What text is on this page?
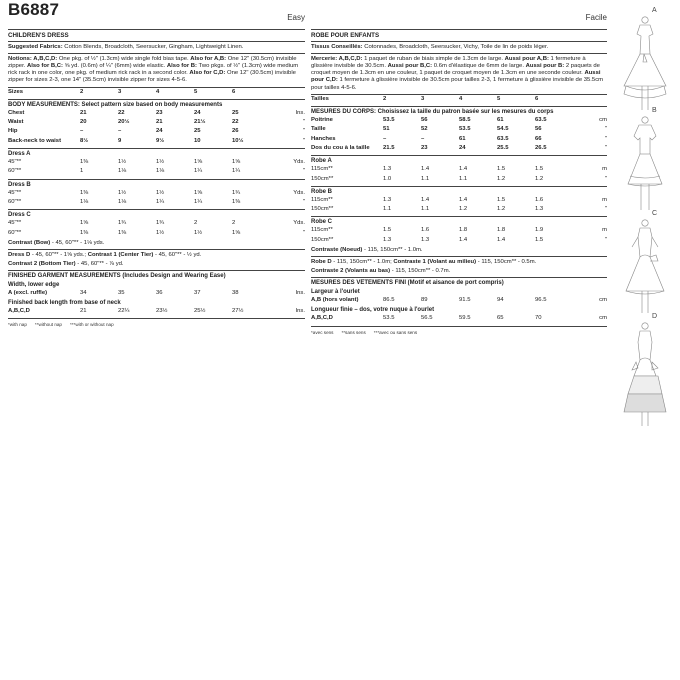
B6887	Easy
CHILDREN'S DRESS
Suggested Fabrics: Cotton Blends, Broadcloth, Seersucker, Gingham, Lightweight Linen.
Notions: A,B,C,D: One pkg. of ½" (1.3cm) wide single fold bias tape. Also for A,B: One 12" (30.5cm) invisible zipper. Also for B,C: ⅝ yd. (0.6m) of ¼" (6mm) wide elastic. Also for B: Two pkgs. of ½" (1.3cm) wide medium rick rack in one color, one pkg. of medium rick rack in a second color. Also for C,D: One 12" (30.5cm) invisible zipper for sizes 2-3, one 14" (35.5cm) invisible zipper for sizes 4-5-6.
Sizes	2	3	4	5	6
BODY MEASUREMENTS: Select pattern size based on body measurements
Chest	21	22	23	24	25	Ins.
Waist	20	20½	21	21½	22	"
Hip	–	–	24	25	26	"
Back-neck to waist	8½	9	9½	10	10½	"
Dress A
45"**	1⅜	1½	1½	1⅝	1⅝	Yds.
60"**	1	1⅛	1⅛	1¼	1¼	"
Dress B
45"**	1⅜	1½	1½	1⅝	1¾	Yds.
60"**	1⅛	1⅛	1¼	1¼	1⅜	"
Dress C
45"**	1⅝	1¾	1¾	2	2	Yds.
60"**	1⅜	1⅜	1½	1½	1⅝	"
Contrast (Bow) - 45, 60"** - 1⅛ yds.
Dress D - 45, 60"** - 1⅝ yds.; Contrast 1 (Center Tier) - 45, 60"** - ½ yd.
Contrast 2 (Bottom Tier) - 45, 60"** - ⅞ yd.
FINISHED GARMENT MEASUREMENTS (Includes Design and Wearing Ease)
Width, lower edge
A (excl. ruffle)	34	35	36	37	38	Ins.
Finished back length from base of neck
A,B,C,D	21	22¼	23½	25½	27½	Ins.
*with nap **without nap ***with or without nap
Facile
ROBE POUR ENFANTS
Tissus Conseillés: Cotonnades, Broadcloth, Seersucker, Vichy, Toile de lin de poids léger.
Mercerie: A,B,C,D: 1 paquet de ruban de biais simple de 1.3cm de large. Aussi pour A,B: 1 fermeture à glissière invisible de 30.5cm. Aussi pour B,C: 0.6m d'élastique de 6mm de large. Aussi pour B: 2 paquets de croquet moyen de 1.3cm en une couleur, 1 paquet de croquet moyen de 1.3cm en une seconde couleur. Aussi pour C,D: 1 fermeture à glissière invisible de 30.5cm pour tailles 2-3, 1 fermeture à glissière invisible de 35.5cm pour tailles 4-5-6.
Tailles	2	3	4	5	6
MESURES DU CORPS: Choisissez la taille du patron basée sur les mesures du corps
Poitrine	53.5	56	58.5	61	63.5	cm
Taille	51	52	53.5	54.5	56	"
Hanches	–	–	61	63.5	66	"
Dos du cou à la taille	21.5	23	24	25.5	26.5	"
Robe A
115cm**	1.3	1.4	1.4	1.5	1.5	m
150cm**	1.0	1.1	1.1	1.2	1.2	"
Robe B
115cm**	1.3	1.4	1.4	1.5	1.6	m
150cm**	1.1	1.1	1.2	1.2	1.3	"
Robe C
115cm**	1.5	1.6	1.8	1.8	1.9	m
150cm**	1.3	1.3	1.4	1.4	1.5	"
Contraste (Noeud) - 115, 150cm** - 1.0m.
Robe D - 115, 150cm** - 1.0m; Contraste 1 (Volant au milieu) - 115, 150cm** - 0.5m.
Contraste 2 (Volants au bas) - 115, 150cm** - 0.7m.
MESURES DES VÊTEMENTS FINI (Motif et aisance de port compris)
Largeur à l'ourlet
A,B (hors volant)	86.5	89	91.5	94	96.5	cm
Longueur finie – dos, votre nuque à l'ourlet
A,B,C,D	53.5	56.5	59.5	65	70	cm
*avec sens **sans sens ***avec ou sans sens
A
B
C
D
